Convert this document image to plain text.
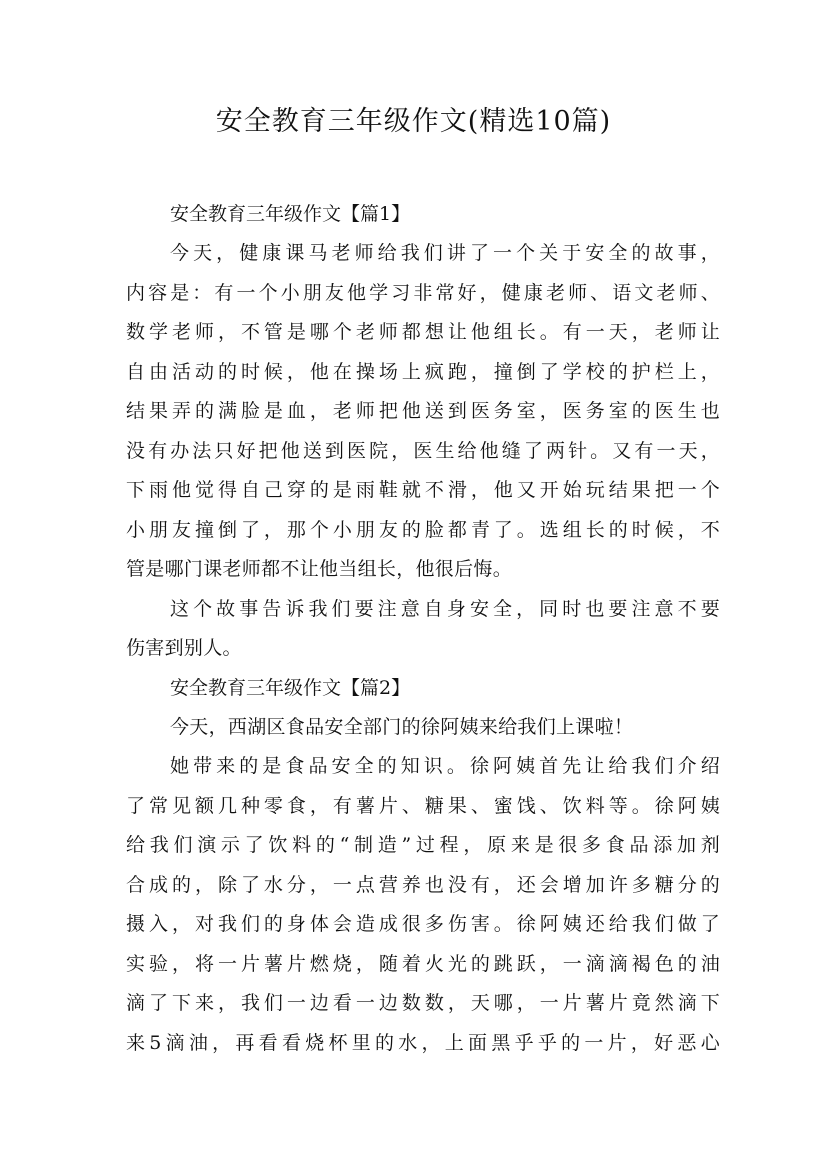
安全教育三年级作文(精选10篇)
安全教育三年级作文【篇1】

今天，健康课马老师给我们讲了一个关于安全的故事，
内容是：有一个小朋友他学习非常好，健康老师、语文老师、
数学老师，不管是哪个老师都想让他组长。有一天，老师让
自由活动的时候，他在操场上疯跑，撞倒了学校的护栏上，
结果弄的满脸是血，老师把他送到医务室，医务室的医生也
没有办法只好把他送到医院，医生给他缝了两针。又有一天，
下雨他觉得自己穿的是雨鞋就不滑，他又开始玩结果把一个
小朋友撞倒了，那个小朋友的脸都青了。选组长的时候，不
管是哪门课老师都不让他当组长，他很后悔。

这个故事告诉我们要注意自身安全，同时也要注意不要
伤害到别人。

安全教育三年级作文【篇2】

今天，西湖区食品安全部门的徐阿姨来给我们上课啦！

她带来的是食品安全的知识。徐阿姨首先让给我们介绍
了常见额几种零食，有薯片、糖果、蜜饯、饮料等。徐阿姨
给我们演示了饮料的“制造”过程，原来是很多食品添加剂
合成的，除了水分，一点营养也没有，还会增加许多糖分的
摄入，对我们的身体会造成很多伤害。徐阿姨还给我们做了
实验，将一片薯片燃烧，随着火光的跳跃，一滴滴褐色的油
滴了下来，我们一边看一边数数，天哪，一片薯片竟然滴下
来5滴油，再看看烧杯里的水，上面黑乎乎的一片，好恶心
